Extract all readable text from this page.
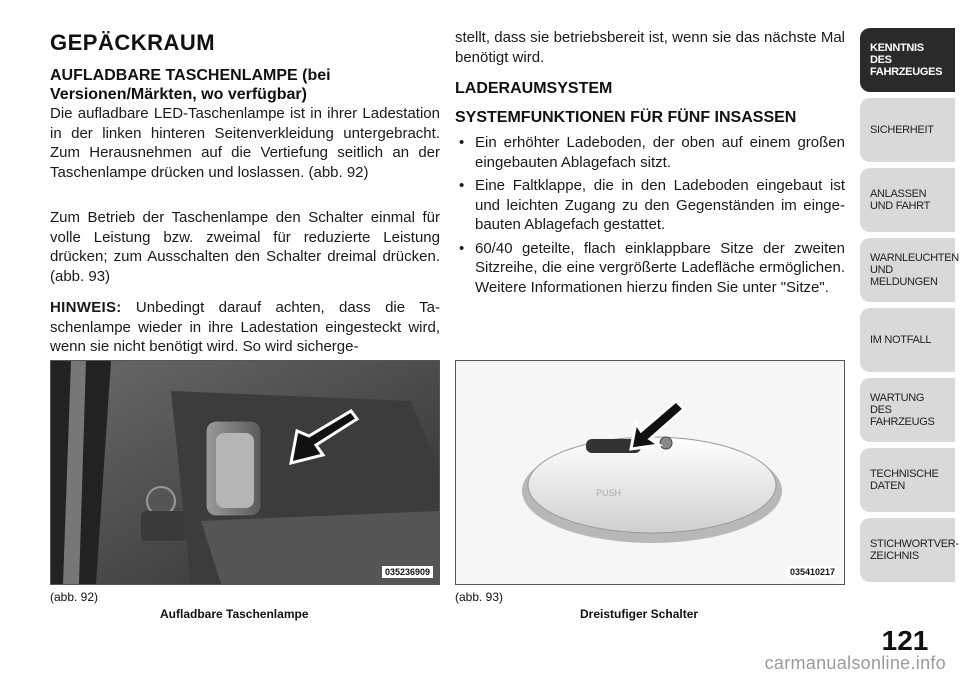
GEPÄCKRAUM
AUFLADBARE TASCHENLAMPE (bei Versionen/Märkten, wo verfügbar)

Die aufladbare LED-Taschenlampe ist in ihrer Ladestation in der linken hinteren Seitenverkleidung untergebracht. Zum Herausnehmen auf die Vertiefung seitlich an der Taschenlampe drücken und loslassen. (abb. 92)

Zum Betrieb der Taschenlampe den Schalter einmal für volle Leistung bzw. zweimal für reduzierte Leistung drücken; zum Ausschalten den Schalter dreimal drücken. (abb. 93)

HINWEIS: Unbedingt darauf achten, dass die Taschenlampe wieder in ihre Ladestation eingesteckt wird, wenn sie nicht benötigt wird. So wird sicherge-

stellt, dass sie betriebsbereit ist, wenn sie das nächste Mal benötigt wird.

LADERAUMSYSTEM
SYSTEMFUNKTIONEN FÜR FÜNF INSASSEN
• Ein erhöhter Ladeboden, der oben auf einem großen eingebauten Ablagefach sitzt.
• Eine Faltklappe, die in den Ladeboden eingebaut ist und leichten Zugang zu den Gegenständen im eingebauten Ablagefach gestattet.
• 60/40 geteilte, flach einklappbare Sitze der zweiten Sitzreihe, die eine vergrößerte Ladefläche ermöglichen. Weitere Informationen hierzu finden Sie unter "Sitze".
035236909
(abb. 92)
Aufladbare Taschenlampe
PUSH
035410217
(abb. 93)
Dreistufiger Schalter
KENNTNIS
DES
FAHRZEUGES
SICHERHEIT
ANLASSEN
UND FAHRT
WARNLEUCHTEN
UND
MELDUNGEN
IM NOTFALL
WARTUNG
DES
FAHRZEUGS
TECHNISCHE
DATEN
STICHWORTVER-
ZEICHNIS
121
carmanualsonline.info
